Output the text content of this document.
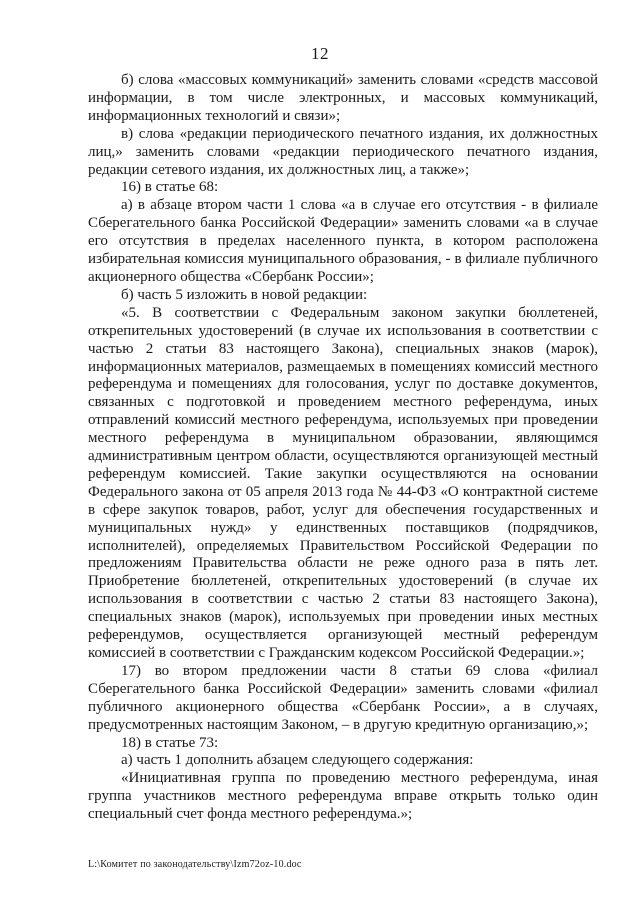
12

б) слова «массовых коммуникаций» заменить словами «средств массовой информации, в том числе электронных, и массовых коммуникаций, информационных технологий и связи»;

в) слова «редакции периодического печатного издания, их должностных лиц,» заменить словами «редакции периодического печатного издания, редакции сетевого издания, их должностных лиц, а также»;

16) в статье 68:

а) в абзаце втором части 1 слова «а в случае его отсутствия - в филиале Сберегательного банка Российской Федерации» заменить словами «а в случае его отсутствия в пределах населенного пункта, в котором расположена избирательная комиссия муниципального образования, - в филиале публичного акционерного общества «Сбербанк России»;

б) часть 5 изложить в новой редакции:

«5. В соответствии с Федеральным законом закупки бюллетеней, открепительных удостоверений (в случае их использования в соответствии с частью 2 статьи 83 настоящего Закона), специальных знаков (марок), информационных материалов, размещаемых в помещениях комиссий местного референдума и помещениях для голосования, услуг по доставке документов, связанных с подготовкой и проведением местного референдума, иных отправлений комиссий местного референдума, используемых при проведении местного референдума в муниципальном образовании, являющимся административным центром области, осуществляются организующей местный референдум комиссией. Такие закупки осуществляются на основании Федерального закона от 05 апреля 2013 года № 44-ФЗ «О контрактной системе в сфере закупок товаров, работ, услуг для обеспечения государственных и муниципальных нужд» у единственных поставщиков (подрядчиков, исполнителей), определяемых Правительством Российской Федерации по предложениям Правительства области не реже одного раза в пять лет. Приобретение бюллетеней, открепительных удостоверений (в случае их использования в соответствии с частью 2 статьи 83 настоящего Закона), специальных знаков (марок), используемых при проведении иных местных референдумов, осуществляется организующей местный референдум комиссией в соответствии с Гражданским кодексом Российской Федерации.»;

17) во втором предложении части 8 статьи 69 слова «филиал Сберегательного банка Российской Федерации» заменить словами «филиал публичного акционерного общества «Сбербанк России», а в случаях, предусмотренных настоящим Законом, – в другую кредитную организацию,»;

18) в статье 73:

а) часть 1 дополнить абзацем следующего содержания:

«Инициативная группа по проведению местного референдума, иная группа участников местного референдума вправе открыть только один специальный счет фонда местного референдума.»;

L:\Комитет по законодательству\Izm72oz-10.doc
